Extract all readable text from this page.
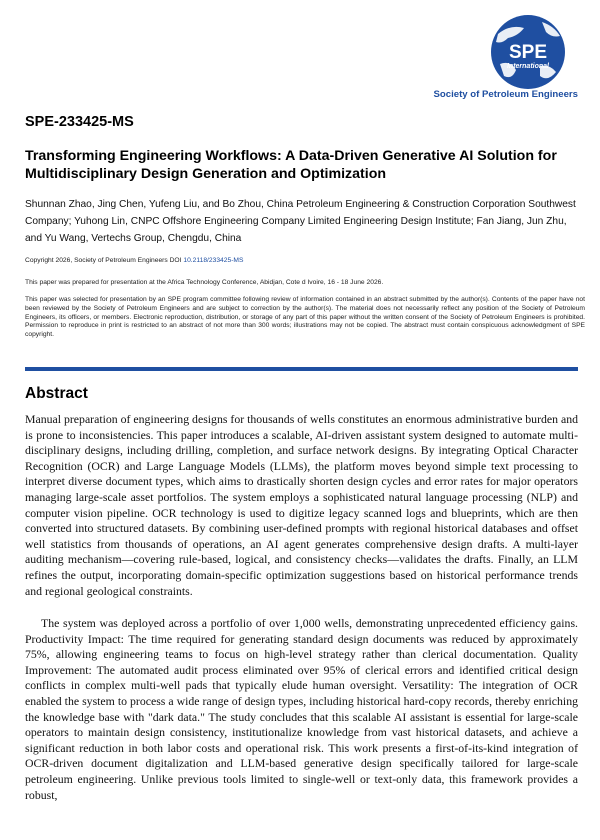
SPE
International
Society of Petroleum Engineers
SPE-233425-MS
Transforming Engineering Workflows: A Data-Driven Generative AI Solution for Multidisciplinary Design Generation and Optimization
Shunnan Zhao, Jing Chen, Yufeng Liu, and Bo Zhou, China Petroleum Engineering & Construction Corporation Southwest Company; Yuhong Lin, CNPC Offshore Engineering Company Limited Engineering Design Institute; Fan Jiang, Jun Zhu, and Yu Wang, Vertechs Group, Chengdu, China
Copyright 2026, Society of Petroleum Engineers DOI 10.2118/233425-MS
This paper was prepared for presentation at the Africa Technology Conference, Abidjan, Cote d Ivoire, 16 - 18 June 2026.
This paper was selected for presentation by an SPE program committee following review of information contained in an abstract submitted by the author(s). Contents of the paper have not been reviewed by the Society of Petroleum Engineers and are subject to correction by the author(s). The material does not necessarily reflect any position of the Society of Petroleum Engineers, its officers, or members. Electronic reproduction, distribution, or storage of any part of this paper without the written consent of the Society of Petroleum Engineers is prohibited. Permission to reproduce in print is restricted to an abstract of not more than 300 words; illustrations may not be copied. The abstract must contain conspicuous acknowledgment of SPE copyright.
Abstract

Manual preparation of engineering designs for thousands of wells constitutes an enormous administrative burden and is prone to inconsistencies. This paper introduces a scalable, AI-driven assistant system designed to automate multi-disciplinary designs, including drilling, completion, and surface network designs. By integrating Optical Character Recognition (OCR) and Large Language Models (LLMs), the platform moves beyond simple text processing to interpret diverse document types, which aims to drastically shorten design cycles and error rates for major operators managing large-scale asset portfolios. The system employs a sophisticated natural language processing (NLP) and computer vision pipeline. OCR technology is used to digitize legacy scanned logs and blueprints, which are then converted into structured datasets. By combining user-defined prompts with regional historical databases and offset well statistics from thousands of operations, an AI agent generates comprehensive design drafts. A multi-layer auditing mechanism—covering rule-based, logical, and consistency checks—validates the drafts. Finally, an LLM refines the output, incorporating domain-specific optimization suggestions based on historical performance trends and regional geological constraints.

The system was deployed across a portfolio of over 1,000 wells, demonstrating unprecedented efficiency gains. Productivity Impact: The time required for generating standard design documents was reduced by approximately 75%, allowing engineering teams to focus on high-level strategy rather than clerical documentation. Quality Improvement: The automated audit process eliminated over 95% of clerical errors and identified critical design conflicts in complex multi-well pads that typically elude human oversight. Versatility: The integration of OCR enabled the system to process a wide range of design types, including historical hard-copy records, thereby enriching the knowledge base with "dark data." The study concludes that this scalable AI assistant is essential for large-scale operators to maintain design consistency, institutionalize knowledge from vast historical datasets, and achieve a significant reduction in both labor costs and operational risk. This work presents a first-of-its-kind integration of OCR-driven document digitalization and LLM-based generative design specifically tailored for large-scale petroleum engineering. Unlike previous tools limited to single-well or text-only data, this framework provides a robust,
